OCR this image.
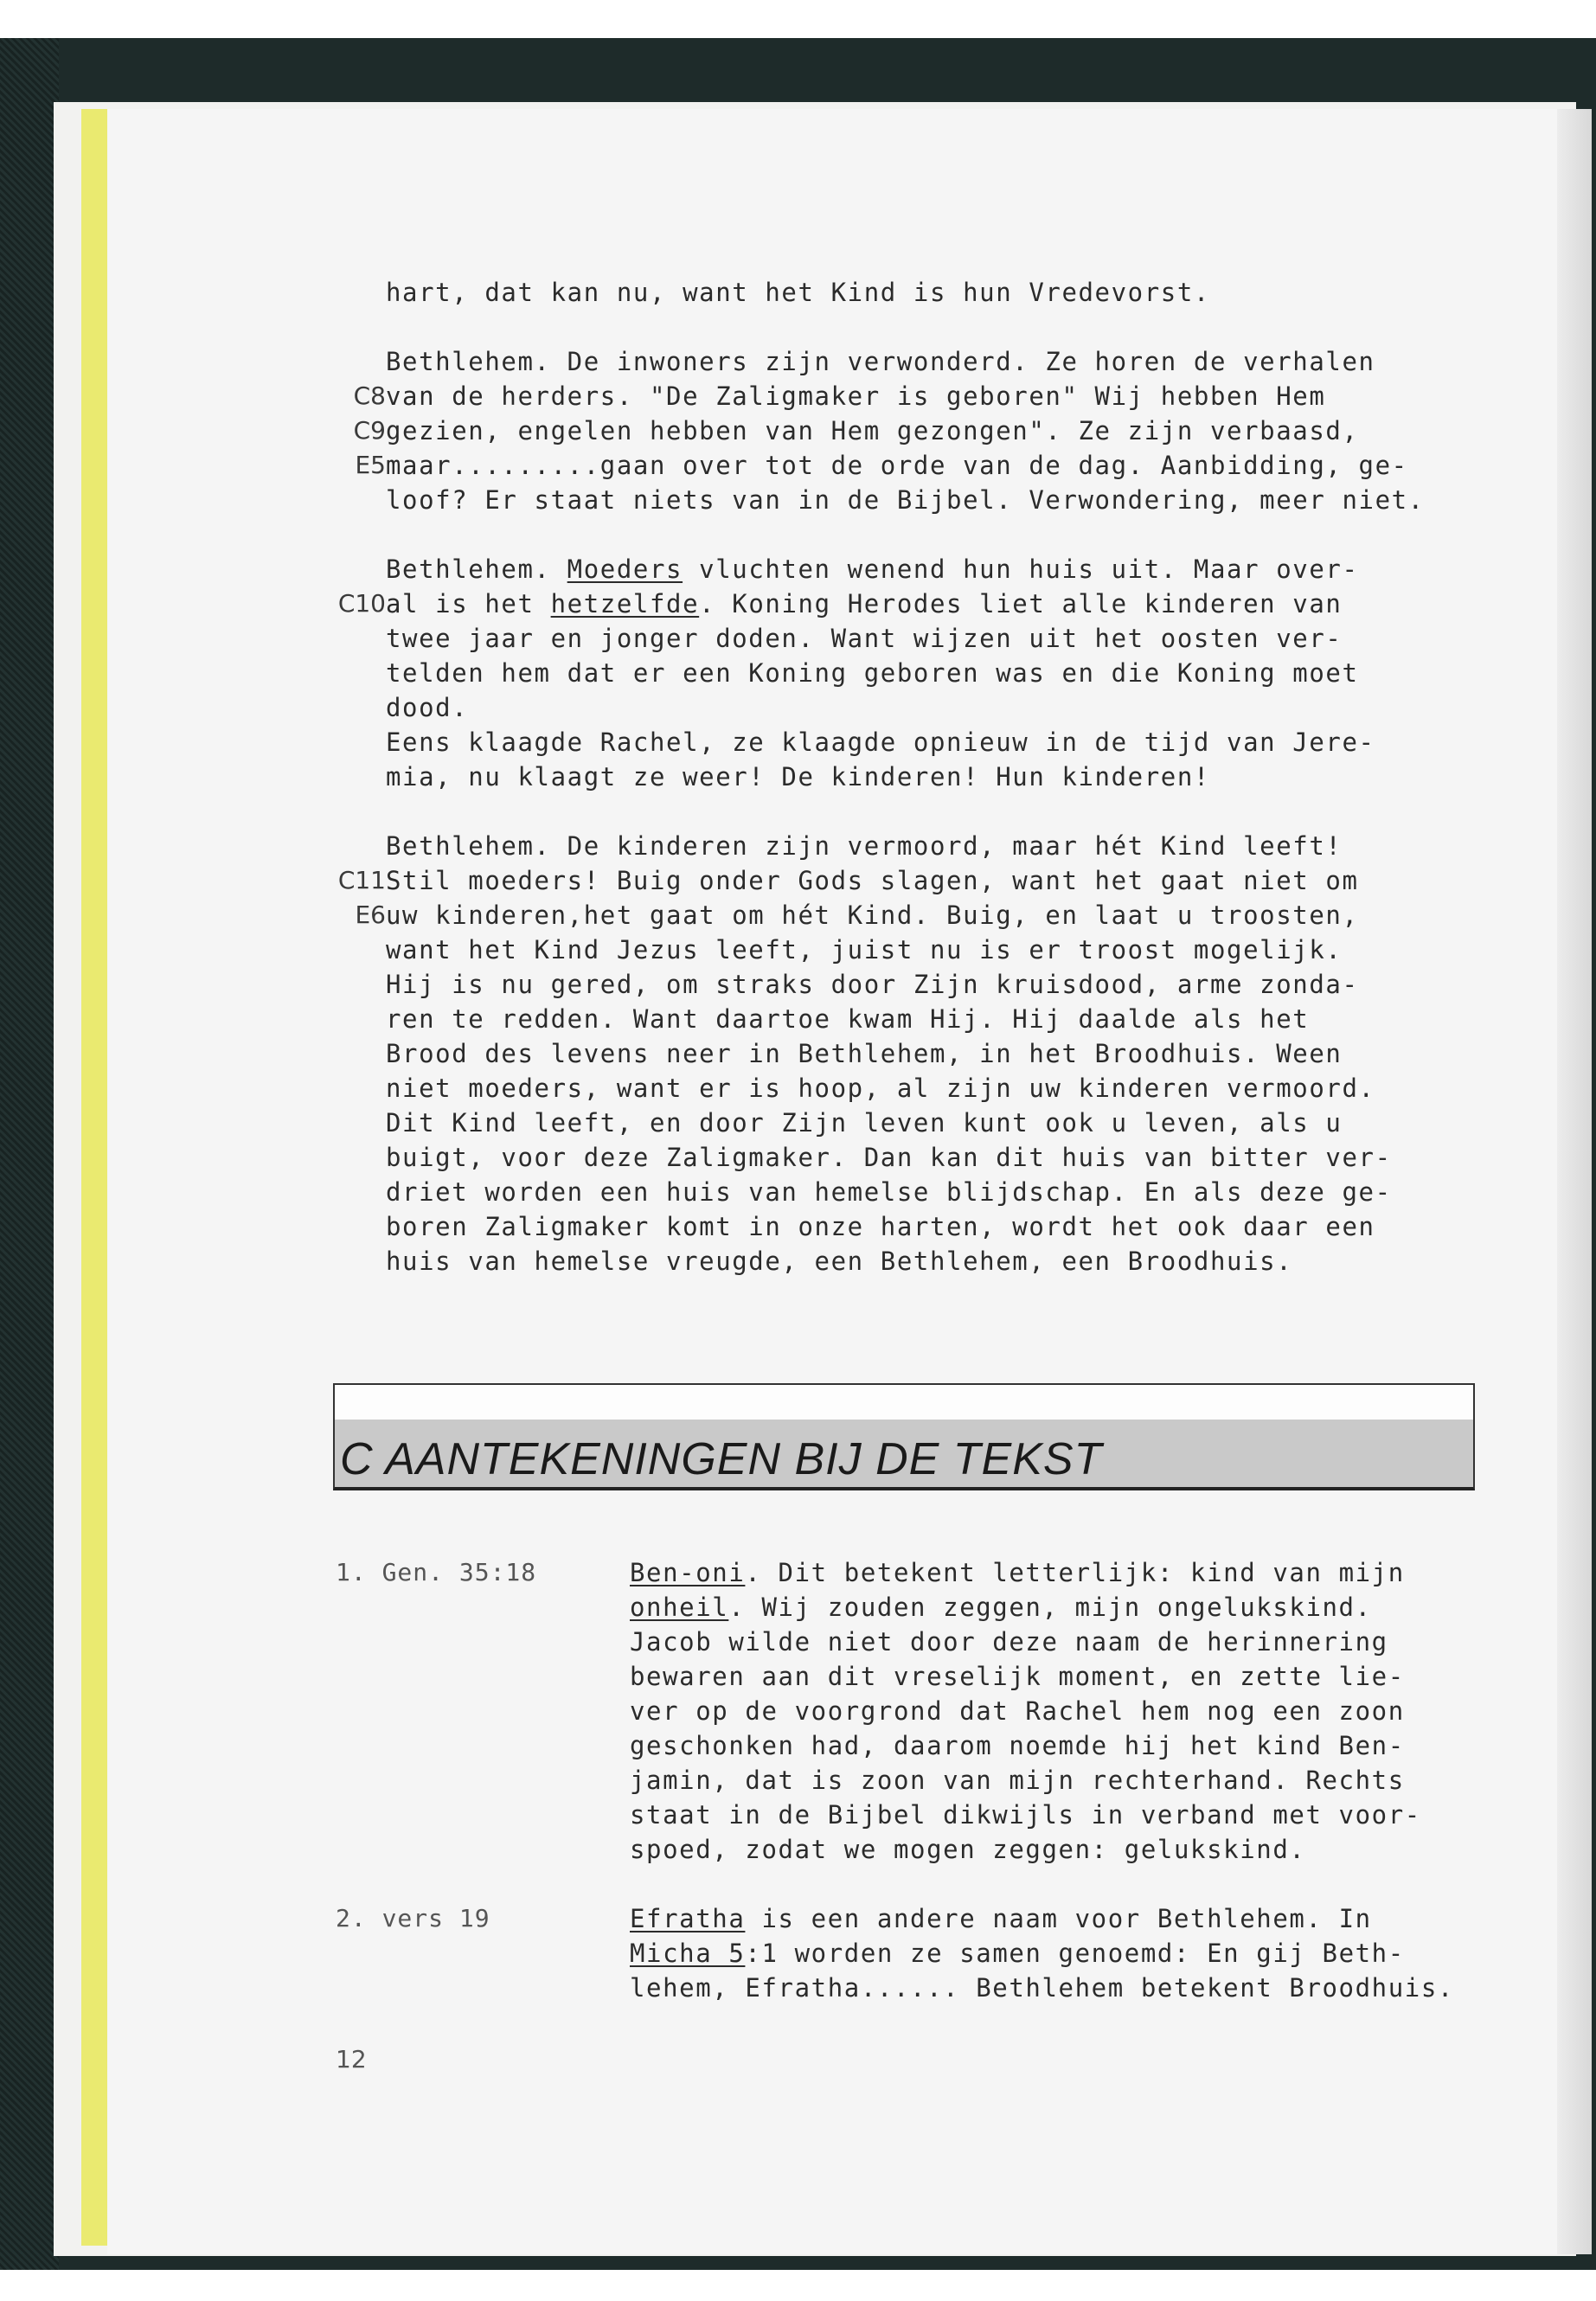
hart, dat kan nu, want het Kind is hun Vredevorst.
C8
C9
E5
Bethlehem. De inwoners zijn verwonderd. Ze horen de verhalen
van de herders. "De Zaligmaker is geboren" Wij hebben Hem
gezien, engelen hebben van Hem gezongen". Ze zijn verbaasd,
maar.........gaan over tot de orde van de dag. Aanbidding, ge-
loof? Er staat niets van in de Bijbel. Verwondering, meer niet.
C10
Bethlehem. Moeders vluchten wenend hun huis uit. Maar over-
al is het hetzelfde. Koning Herodes liet alle kinderen van
twee jaar en jonger doden. Want wijzen uit het oosten ver-
telden hem dat er een Koning geboren was en die Koning moet
dood.
Eens klaagde Rachel, ze klaagde opnieuw in de tijd van Jere-
mia, nu klaagt ze weer! De kinderen! Hun kinderen!
C11
E6
Bethlehem. De kinderen zijn vermoord, maar hét Kind leeft!
Stil moeders! Buig onder Gods slagen, want het gaat niet om
uw kinderen,het gaat om hét Kind. Buig, en laat u troosten,
want het Kind Jezus leeft, juist nu is er troost mogelijk.
Hij is nu gered, om straks door Zijn kruisdood, arme zonda-
ren te redden. Want daartoe kwam Hij. Hij daalde als het
Brood des levens neer in Bethlehem, in het Broodhuis. Ween
niet moeders, want er is hoop, al zijn uw kinderen vermoord.
Dit Kind leeft, en door Zijn leven kunt ook u leven, als u
buigt, voor deze Zaligmaker. Dan kan dit huis van bitter ver-
driet worden een huis van hemelse blijdschap. En als deze ge-
boren Zaligmaker komt in onze harten, wordt het ook daar een
huis van hemelse vreugde, een Bethlehem, een Broodhuis.
C AANTEKENINGEN BIJ DE TEKST
1. Gen. 35:18	Ben-oni. Dit betekent letterlijk: kind van mijn
onheil. Wij zouden zeggen, mijn ongelukskind.
Jacob wilde niet door deze naam de herinnering
bewaren aan dit vreselijk moment, en zette lie-
ver op de voorgrond dat Rachel hem nog een zoon
geschonken had, daarom noemde hij het kind Ben-
jamin, dat is zoon van mijn rechterhand. Rechts
staat in de Bijbel dikwijls in verband met voor-
spoed, zodat we mogen zeggen: gelukskind.
2. vers 19	Efratha is een andere naam voor Bethlehem. In
Micha 5:1 worden ze samen genoemd: En gij Beth-
lehem, Efratha...... Bethlehem betekent Broodhuis.
12
